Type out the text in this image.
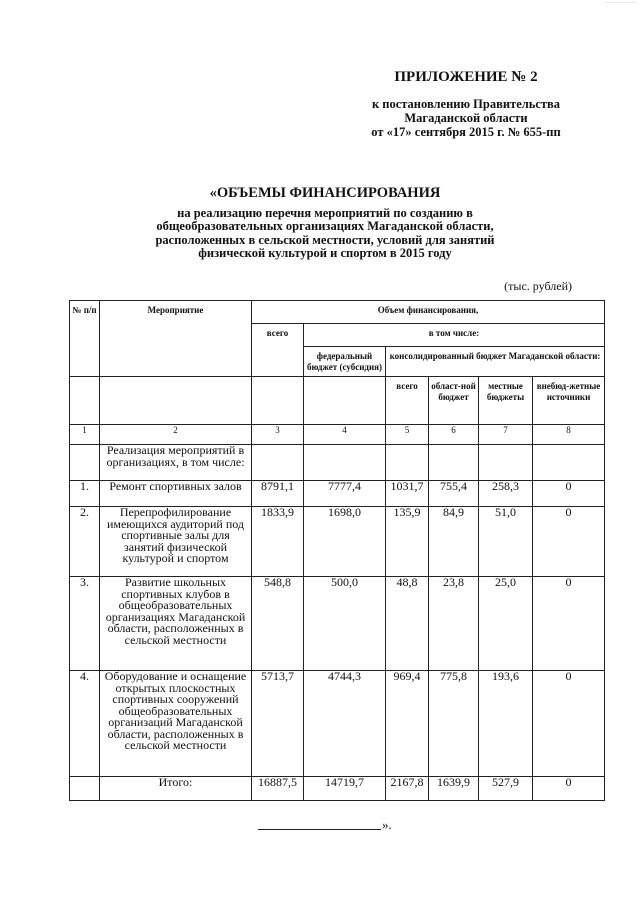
—————
ПРИЛОЖЕНИЕ № 2
к постановлению Правительства
Магаданской области
от «17» сентября 2015 г. № 655-пп
«ОБЪЕМЫ ФИНАНСИРОВАНИЯ
на реализацию перечня мероприятий по созданию в
общеобразовательных организациях Магаданской области,
расположенных в сельской местности, условий для занятий
физической культурой и спортом в 2015 году
(тыс. рублей)
№ п/п	Мероприятие	Объем финансирования,					
		всего	в том числе:				
			федеральный бюджет (субсидия)	консолидированный бюджет Магаданской области:			
				всего	област-ной бюджет	местные бюджеты	внебюд-жетные источники
1	2	3	4	5	6	7	8
	Реализация мероприятий в организациях, в том числе:						
1.	Ремонт спортивных залов	8791,1	7777,4	1031,7	755,4	258,3	0
2.	Перепрофилирование имеющихся аудиторий под спортивные залы для занятий физической культурой и спортом	1833,9	1698,0	135,9	84,9	51,0	0
3.	Развитие школьных спортивных клубов в общеобразовательных организациях Магаданской области, расположенных в сельской местности	548,8	500,0	48,8	23,8	25,0	0
4.	Оборудование и оснащение открытых плоскостных спортивных сооружений общеобразовательных организаций Магаданской области, расположенных в сельской местности	5713,7	4744,3	969,4	775,8	193,6	0
	Итого:	16887,5	14719,7	2167,8	1639,9	527,9	0
».
